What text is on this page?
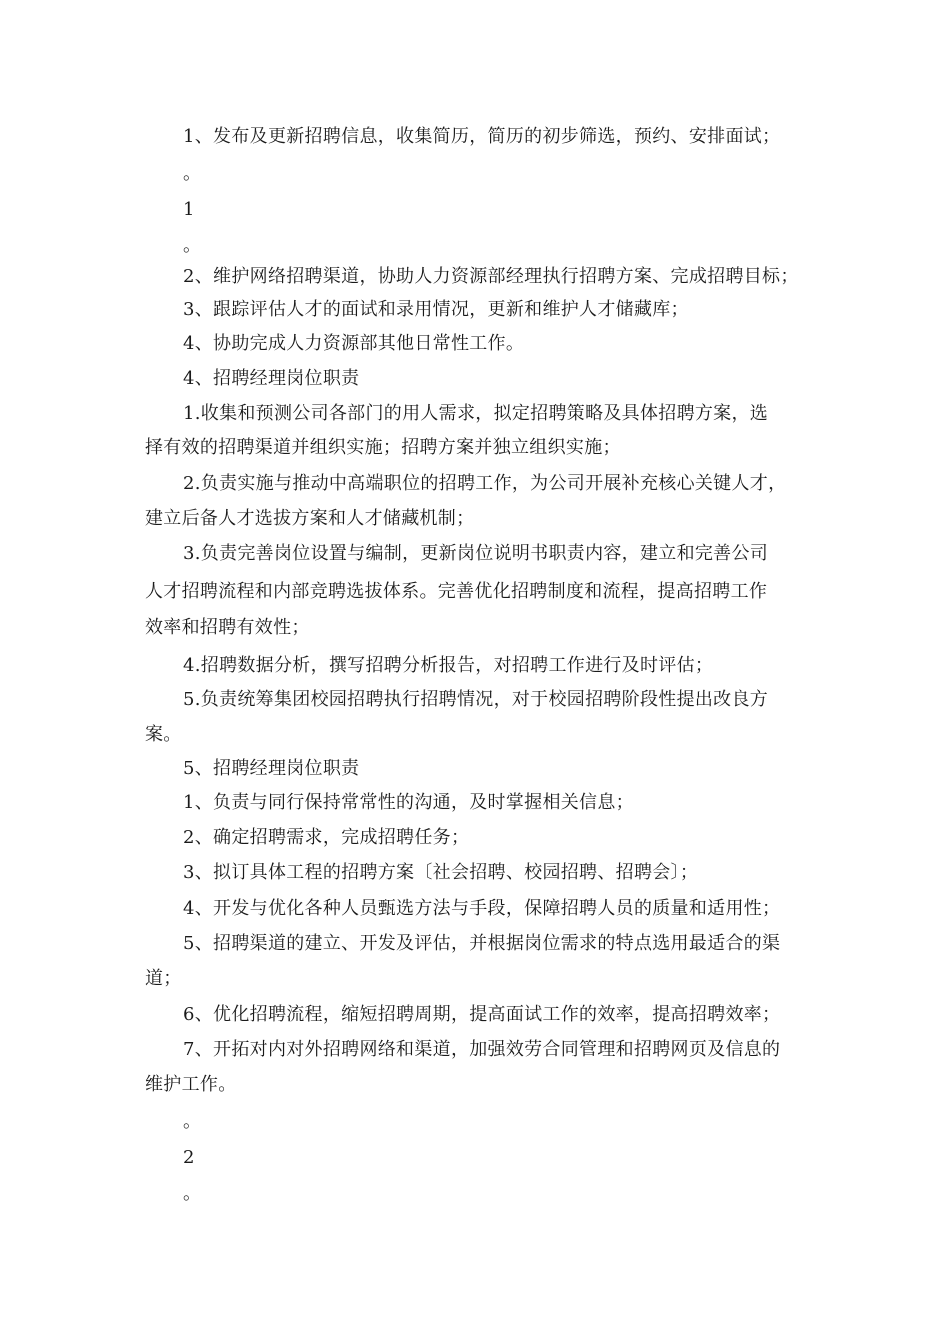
1、发布及更新招聘信息，收集简历，简历的初步筛选，预约、安排面试；
。
1
。
2、维护网络招聘渠道，协助人力资源部经理执行招聘方案、完成招聘目标；
3、跟踪评估人才的面试和录用情况，更新和维护人才储藏库；
4、协助完成人力资源部其他日常性工作。
4、招聘经理岗位职责
1.收集和预测公司各部门的用人需求，拟定招聘策略及具体招聘方案，选
择有效的招聘渠道并组织实施；招聘方案并独立组织实施；
2.负责实施与推动中高端职位的招聘工作，为公司开展补充核心关键人才，
建立后备人才选拔方案和人才储藏机制；
3.负责完善岗位设置与编制，更新岗位说明书职责内容，建立和完善公司
人才招聘流程和内部竞聘选拔体系。完善优化招聘制度和流程，提高招聘工作
效率和招聘有效性；
4.招聘数据分析，撰写招聘分析报告，对招聘工作进行及时评估；
5.负责统筹集团校园招聘执行招聘情况，对于校园招聘阶段性提出改良方
案。
5、招聘经理岗位职责
1、负责与同行保持常常性的沟通，及时掌握相关信息；
2、确定招聘需求，完成招聘任务；
3、拟订具体工程的招聘方案〔社会招聘、校园招聘、招聘会〕；
4、开发与优化各种人员甄选方法与手段，保障招聘人员的质量和适用性；
5、招聘渠道的建立、开发及评估，并根据岗位需求的特点选用最适合的渠
道；
6、优化招聘流程，缩短招聘周期，提高面试工作的效率，提高招聘效率；
7、开拓对内对外招聘网络和渠道，加强效劳合同管理和招聘网页及信息的
维护工作。
。
2
。
